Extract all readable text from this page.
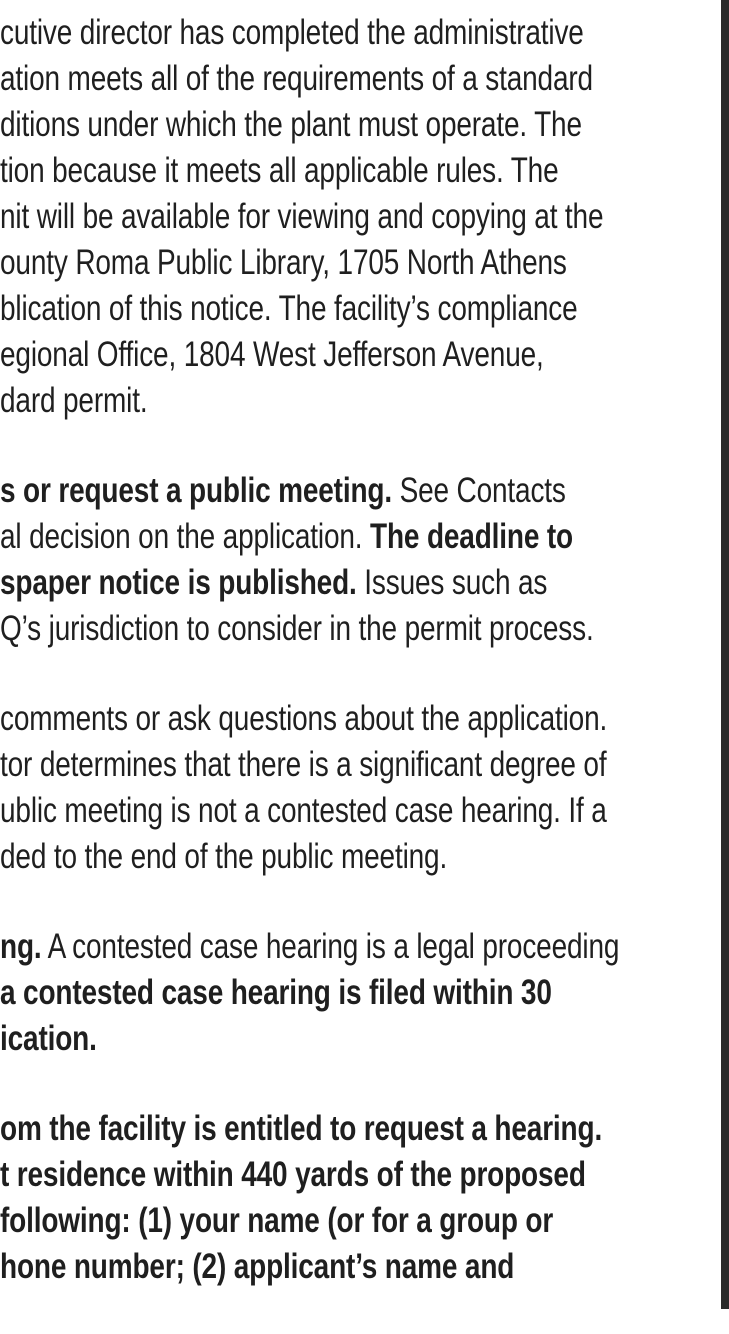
cutive director has completed the administrative
ation meets all of the requirements of a standard
ditions under which the plant must operate. The
tion because it meets all applicable rules. The
nit will be available for viewing and copying at the
ounty Roma Public Library, 1705 North Athens
blication of this notice. The facility’s compliance
egional Office, 1804 West Jefferson Avenue,
dard permit.
s or request a public meeting. See Contacts
al decision on the application. The deadline to
spaper notice is published. Issues such as
Q’s jurisdiction to consider in the permit process.
comments or ask questions about the application.
tor determines that there is a significant degree of
ublic meeting is not a contested case hearing. If a
ded to the end of the public meeting.
ng. A contested case hearing is a legal proceeding
a contested case hearing is filed within 30
ication.
om the facility is entitled to request a hearing.
t residence within 440 yards of the proposed
following: (1) your name (or for a group or
hone number; (2) applicant’s name and
